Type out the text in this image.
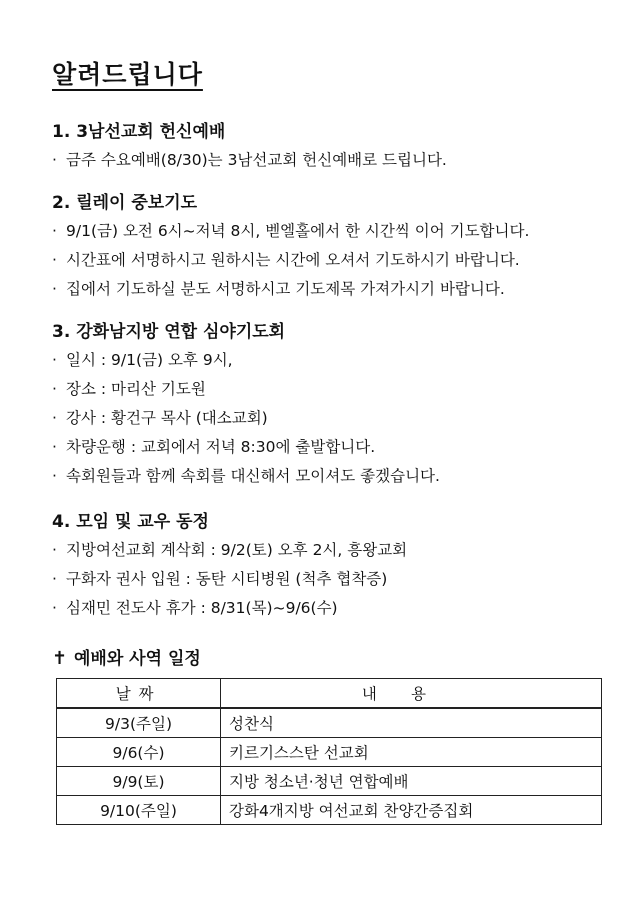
알려드립니다
1. 3남선교회 헌신예배
· 금주 수요예배(8/30)는 3남선교회 헌신예배로 드립니다.
2. 릴레이 중보기도
· 9/1(금) 오전 6시~저녁 8시, 벧엘홀에서 한 시간씩 이어 기도합니다.
· 시간표에 서명하시고 원하시는 시간에 오셔서 기도하시기 바랍니다.
· 집에서 기도하실 분도 서명하시고 기도제목 가져가시기 바랍니다.
3. 강화남지방 연합 심야기도회
· 일시 : 9/1(금) 오후 9시,
· 장소 : 마리산 기도원
· 강사 : 황건구 목사 (대소교회)
· 차량운행 : 교회에서 저녁 8:30에 출발합니다.
· 속회원들과 함께 속회를 대신해서 모이셔도 좋겠습니다.
4. 모임 및 교우 동정
· 지방여선교회 계삭회 : 9/2(토) 오후 2시, 흥왕교회
· 구화자 권사 입원 : 동탄 시티병원 (척추 협착증)
· 심재민 전도사 휴가 : 8/31(목)~9/6(수)
✝ 예배와 사역 일정
날짜	내용
9/3(주일)	성찬식
9/6(수)	키르기스스탄 선교회
9/9(토)	지방 청소년·청년 연합예배
9/10(주일)	강화4개지방 여선교회 찬양간증집회
